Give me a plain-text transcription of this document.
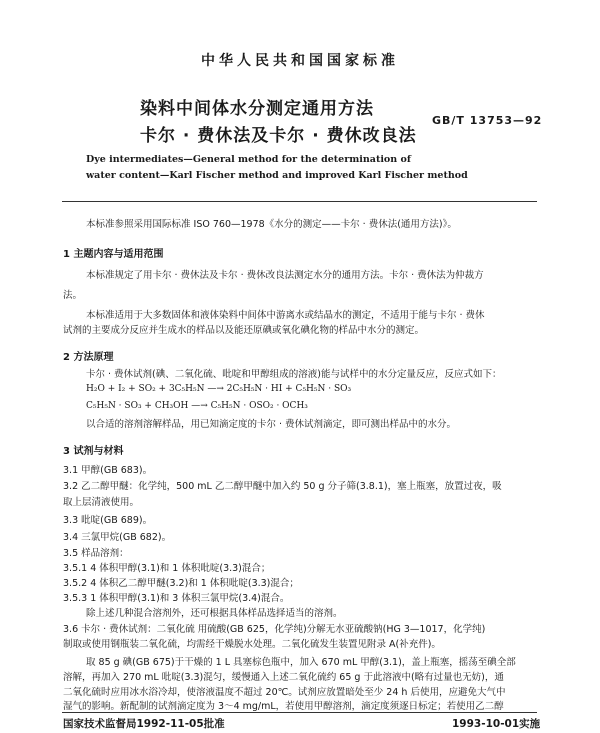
中华人民共和国国家标准
染料中间体水分测定通用方法
卡尔 · 费休法及卡尔 · 费休改良法
GB/T 13753—92
Dye intermediates—General method for the determination of
water content—Karl Fischer method and improved Karl Fischer method
本标准参照采用国际标准 ISO 760—1978《水分的测定——卡尔 · 费休法(通用方法)》。
1 主题内容与适用范围
本标准规定了用卡尔 · 费休法及卡尔 · 费休改良法测定水分的通用方法。卡尔 · 费休法为仲裁方
法。
本标准适用于大多数固体和液体染料中间体中游离水或结晶水的测定，不适用于能与卡尔 · 费休
试剂的主要成分反应并生成水的样品以及能还原碘或氧化碘化物的样品中水分的测定。
2 方法原理
卡尔 · 费休试剂(碘、二氧化硫、吡啶和甲醇组成的溶液)能与试样中的水分定量反应，反应式如下：
H₂O + I₂ + SO₂ + 3C₅H₅N —→ 2C₅H₅N · HI + C₅H₅N · SO₃
C₅H₅N · SO₃ + CH₃OH —→ C₅H₅N · OSO₂ · OCH₃
以合适的溶剂溶解样品，用已知滴定度的卡尔 · 费休试剂滴定，即可测出样品中的水分。
3 试剂与材料
3.1 甲醇(GB 683)。
3.2 乙二醇甲醚：化学纯，500 mL 乙二醇甲醚中加入约 50 g 分子筛(3.8.1)，塞上瓶塞，放置过夜，吸
取上层清液使用。
3.3 吡啶(GB 689)。
3.4 三氯甲烷(GB 682)。
3.5 样品溶剂：
3.5.1 4 体积甲醇(3.1)和 1 体积吡啶(3.3)混合；
3.5.2 4 体积乙二醇甲醚(3.2)和 1 体积吡啶(3.3)混合；
3.5.3 1 体积甲醇(3.1)和 3 体积三氯甲烷(3.4)混合。
除上述几种混合溶剂外，还可根据具体样品选择适当的溶剂。
3.6 卡尔 · 费休试剂：二氧化硫 用硫酸(GB 625，化学纯)分解无水亚硫酸钠(HG 3—1017，化学纯)
制取或使用钢瓶装二氧化硫，均需经干燥脱水处理。二氧化硫发生装置见附录 A(补充件)。
取 85 g 碘(GB 675)于干燥的 1 L 具塞棕色瓶中，加入 670 mL 甲醇(3.1)，盖上瓶塞，摇荡至碘全部
溶解，再加入 270 mL 吡啶(3.3)混匀，缓慢通入上述二氧化硫约 65 g 于此溶液中(略有过量也无妨)，通
二氧化硫时应用冰水浴冷却，使溶液温度不超过 20℃。试剂应放置暗处至少 24 h 后使用，应避免大气中
湿气的影响。新配制的试剂滴定度为 3～4 mg/mL，若使用甲醇溶剂，滴定度须逐日标定；若使用乙二醇
国家技术监督局1992-11-05批准	1993-10-01实施
